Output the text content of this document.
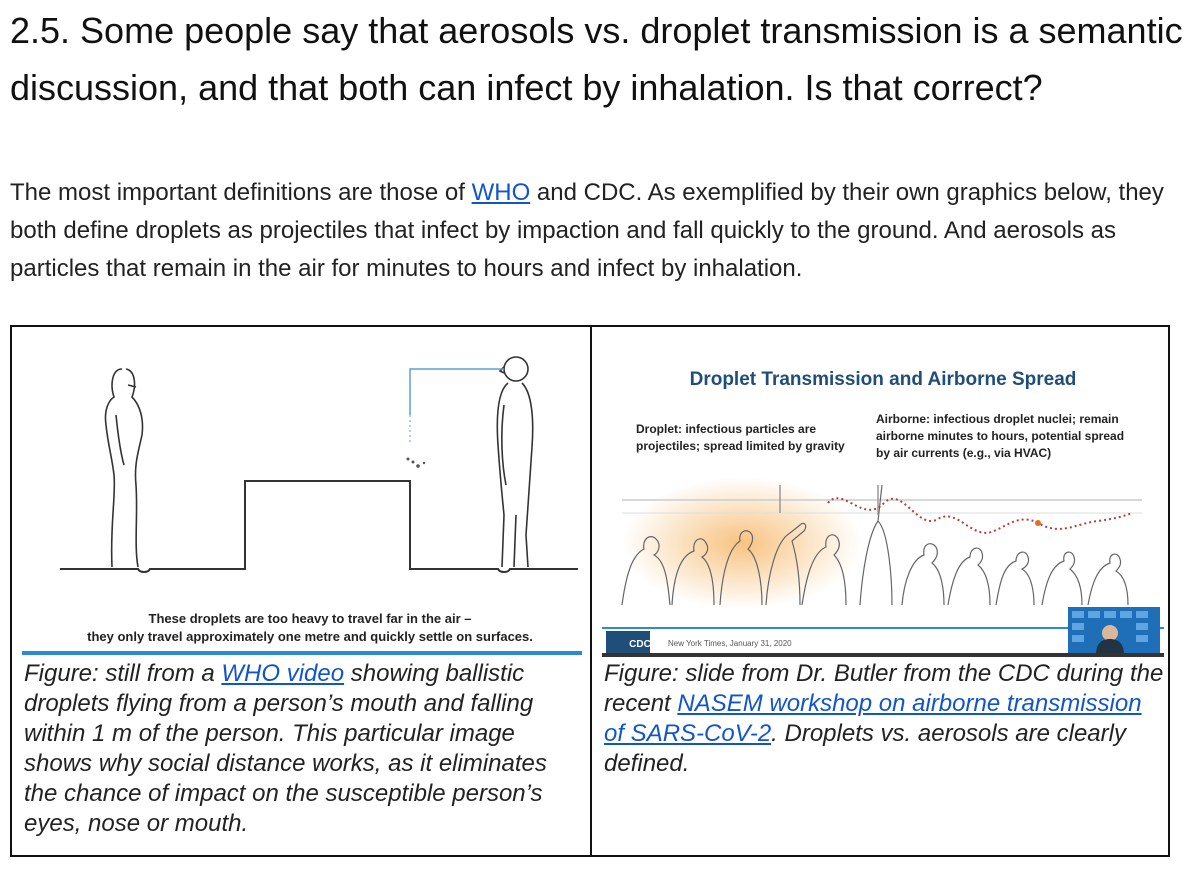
2.5. Some people say that aerosols vs. droplet transmission is a semantic discussion, and that both can infect by inhalation. Is that correct?

The most important definitions are those of WHO and CDC. As exemplified by their own graphics below, they both define droplets as projectiles that infect by impaction and fall quickly to the ground. And aerosols as particles that remain in the air for minutes to hours and infect by inhalation.

These droplets are too heavy to travel far in the air –
they only travel approximately one metre and quickly settle on surfaces.

Figure: still from a WHO video showing ballistic droplets flying from a person’s mouth and falling within 1 m of the person. This particular image shows why social distance works, as it eliminates the chance of impact on the susceptible person’s eyes, nose or mouth.

Droplet Transmission and Airborne Spread
Droplet: infectious particles are
projectiles; spread limited by gravity
Airborne: infectious droplet nuclei; remain
airborne minutes to hours, potential spread
by air currents (e.g., via HVAC)
CDC New York Times, January 31, 2020

Figure: slide from Dr. Butler from the CDC during the recent NASEM workshop on airborne transmission of SARS-CoV-2. Droplets vs. aerosols are clearly defined.
